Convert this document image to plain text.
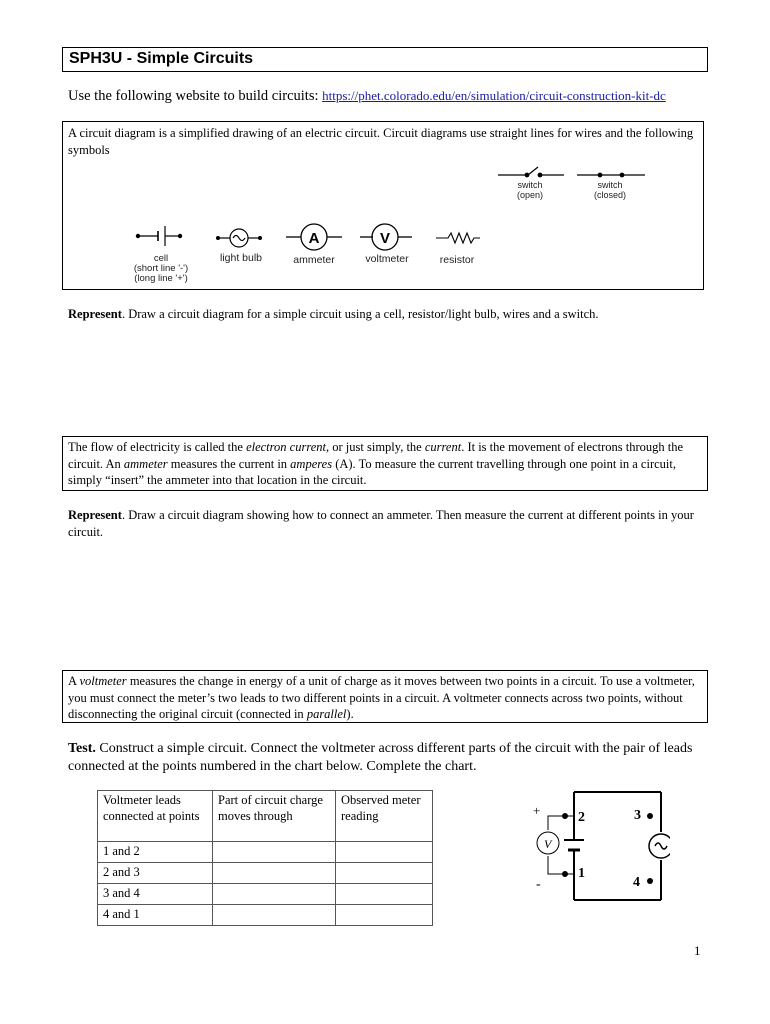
SPH3U - Simple Circuits
Use the following website to build circuits: https://phet.colorado.edu/en/simulation/circuit-construction-kit-dc
A circuit diagram is a simplified drawing of an electric circuit. Circuit diagrams use straight lines for wires and the following symbols
A	V
switch
(open)
switch
(closed)
cell
(short line '-')
(long line '+')
light bulb	ammeter	voltmeter	resistor
Represent. Draw a circuit diagram for a simple circuit using a cell, resistor/light bulb, wires and a switch.
The flow of electricity is called the electron current, or just simply, the current. It is the movement of electrons through the circuit. An ammeter measures the current in amperes (A). To measure the current travelling through one point in a circuit, simply “insert” the ammeter into that location in the circuit.
Represent. Draw a circuit diagram showing how to connect an ammeter. Then measure the current at different points in your circuit.
A voltmeter measures the change in energy of a unit of charge as it moves between two points in a circuit. To use a voltmeter, you must connect the meter’s two leads to two different points in a circuit. A voltmeter connects across two points, without disconnecting the original circuit (connected in parallel).
Test. Construct a simple circuit. Connect the voltmeter across different parts of the circuit with the pair of leads connected at the points numbered in the chart below. Complete the chart.
Voltmeter leads connected at points	Part of circuit charge moves through	Observed meter reading
1 and 2		
2 and 3		
3 and 4		
4 and 1		
V
2	3
1
4
+
-
1
